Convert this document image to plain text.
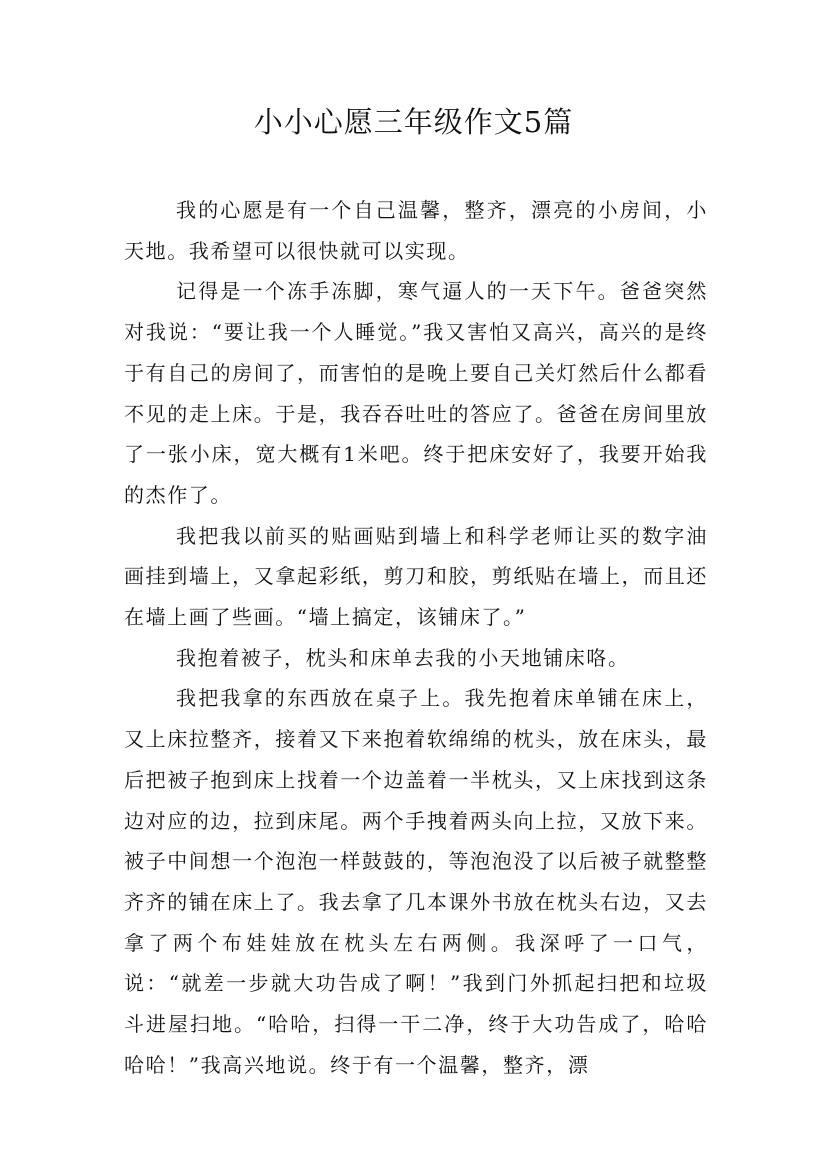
小小心愿三年级作文5篇

我的心愿是有一个自己温馨，整齐，漂亮的小房间，小天地。我希望可以很快就可以实现。

记得是一个冻手冻脚，寒气逼人的一天下午。爸爸突然对我说：“要让我一个人睡觉。”我又害怕又高兴，高兴的是终于有自己的房间了，而害怕的是晚上要自己关灯然后什么都看不见的走上床。于是，我吞吞吐吐的答应了。爸爸在房间里放了一张小床，宽大概有1米吧。终于把床安好了，我要开始我的杰作了。

我把我以前买的贴画贴到墙上和科学老师让买的数字油画挂到墙上，又拿起彩纸，剪刀和胶，剪纸贴在墙上，而且还在墙上画了些画。“墙上搞定，该铺床了。”

我抱着被子，枕头和床单去我的小天地铺床咯。

我把我拿的东西放在桌子上。我先抱着床单铺在床上，又上床拉整齐，接着又下来抱着软绵绵的枕头，放在床头，最后把被子抱到床上找着一个边盖着一半枕头，又上床找到这条边对应的边，拉到床尾。两个手拽着两头向上拉，又放下来。被子中间想一个泡泡一样鼓鼓的，等泡泡没了以后被子就整整齐齐的铺在床上了。我去拿了几本课外书放在枕头右边，又去拿了两个布娃娃放在枕头左右两侧。我深呼了一口气，说：“就差一步就大功告成了啊！”我到门外抓起扫把和垃圾斗进屋扫地。“哈哈，扫得一干二净，终于大功告成了，哈哈哈哈！”我高兴地说。终于有一个温馨，整齐，漂
